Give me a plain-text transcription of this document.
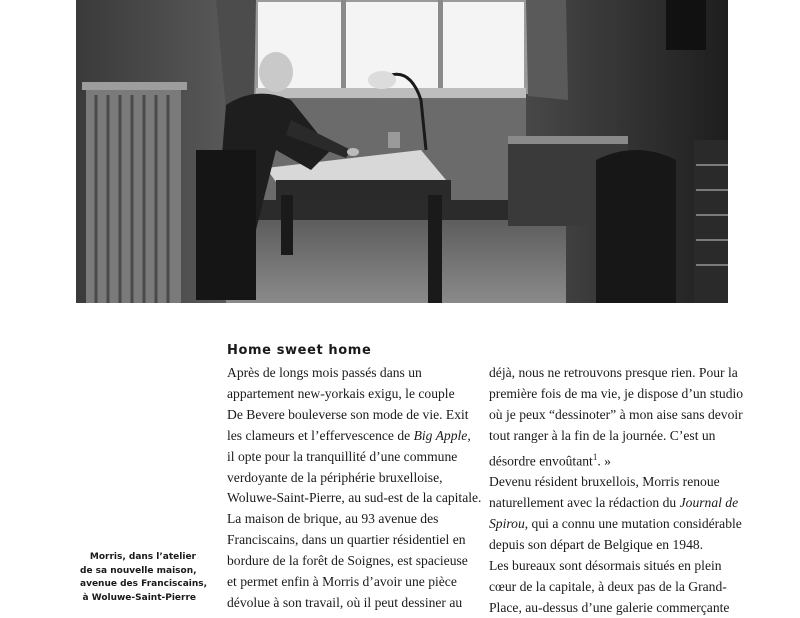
Morris, dans l’atelier
de sa nouvelle maison,
avenue des Franciscains,
à Woluwe-Saint-Pierre
Home sweet home
Après de longs mois passés dans un
appartement new-yorkais exigu, le couple
De Bevere bouleverse son mode de vie. Exit
les clameurs et l’effervescence de Big Apple,
il opte pour la tranquillité d’une commune
verdoyante de la périphérie bruxelloise,
Woluwe-Saint-Pierre, au sud-est de la capitale.
La maison de brique, au 93 avenue des
Franciscains, dans un quartier résidentiel en
bordure de la forêt de Soignes, est spacieuse
et permet enfin à Morris d’avoir une pièce
dévolue à son travail, où il peut dessiner au
déjà, nous ne retrouvons presque rien. Pour la
première fois de ma vie, je dispose d’un studio
où je peux “dessinoter” à mon aise sans devoir
tout ranger à la fin de la journée. C’est un
désordre envoûtant$^1$. »
Devenu résident bruxellois, Morris renoue
naturellement avec la rédaction du Journal de
Spirou, qui a connu une mutation considérable
depuis son départ de Belgique en 1948.
Les bureaux sont désormais situés en plein
cœur de la capitale, à deux pas de la Grand-
Place, au-dessus d’une galerie commerçante
